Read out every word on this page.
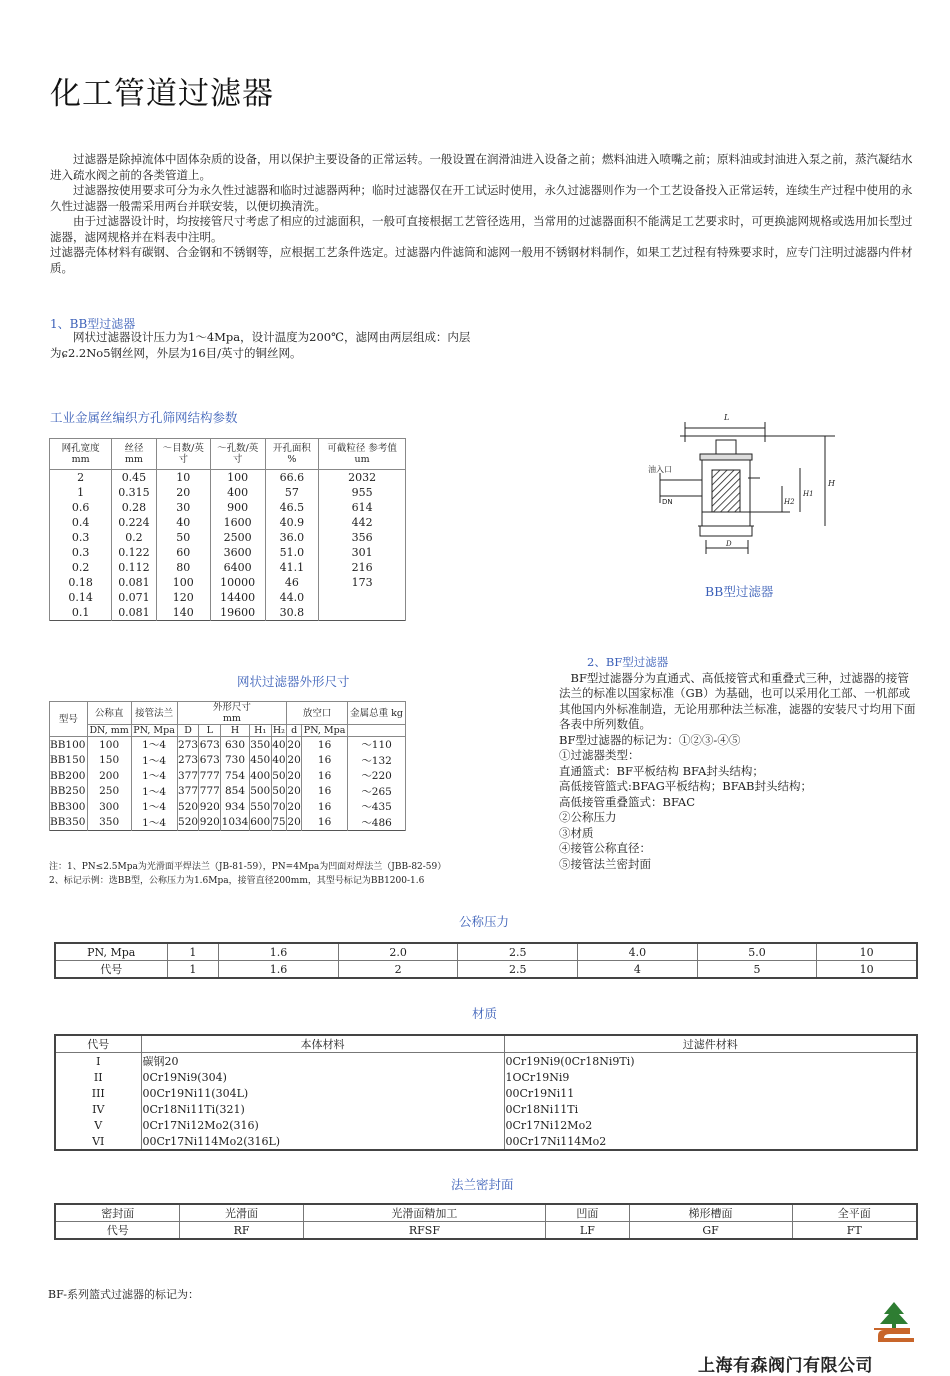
化工管道过滤器

　　过滤器是除掉流体中固体杂质的设备，用以保护主要设备的正常运转。一般设置在润滑油进入设备之前；燃料油进入喷嘴之前；原料油或封油进入泵之前，蒸汽凝结水进入疏水阀之前的各类管道上。

　　过滤器按使用要求可分为永久性过滤器和临时过滤器两种；临时过滤器仅在开工试运时使用，永久过滤器则作为一个工艺设备投入正常运转，连续生产过程中使用的永久性过滤器一般需采用两台并联安装，以便切换清洗。

　　由于过滤器设计时，均按接管尺寸考虑了相应的过滤面积，一般可直接根据工艺管径选用，当常用的过滤器面积不能满足工艺要求时，可更换滤网规格或选用加长型过滤器，滤网规格并在料表中注明。

过滤器壳体材料有碳钢、合金钢和不锈钢等，应根据工艺条件选定。过滤器内件滤筒和滤网一般用不锈钢材料制作，如果工艺过程有特殊要求时，应专门注明过滤器内件材质。

1、BB型过滤器

　　网状过滤器设计压力为1～4Mpa，设计温度为200℃，滤网由两层组成：内层

为ɕ2.2No5钢丝网，外层为16目/英寸的铜丝网。

工业金属丝编织方孔筛网结构参数
网孔宽度 mm	丝径 mm	～目数/英寸	～孔数/英寸	开孔面积 %	可截粒径 参考值um
2	0.45	10	100	66.6	2032
1	0.315	20	400	57	955
0.6	0.28	30	900	46.5	614
0.4	0.224	40	1600	40.9	442
0.3	0.2	50	2500	36.0	356
0.3	0.122	60	3600	51.0	301
0.2	0.112	80	6400	41.1	216
0.18	0.081	100	10000	46	173
0.14	0.071	120	14400	44.0	
0.1	0.081	140	19600	30.8	
油入口
DN
L
H
H1
H2
D
BB型过滤器
网状过滤器外形尺寸
型号	公称直	接管法兰	外形尺寸
mm					放空口		金属总重 kg
	DN, mm	PN, Mpa	D	L	H	H₁	H₂	d	PN, Mpa	
BB100	100	1～4	273	673	630	350	40	20	16	～110
BB150	150	1～4	273	673	730	450	40	20	16	～132
BB200	200	1～4	377	777	754	400	50	20	16	～220
BB250	250	1～4	377	777	854	500	50	20	16	～265
BB300	300	1～4	520	920	934	550	70	20	16	～435
BB350	350	1～4	520	920	1034	600	75	20	16	～486

注：1、PN≤2.5Mpa为光滑面平焊法兰（JB-81-59），PN=4Mpa为凹面对焊法兰（JBB-82-59）

2、标记示例：选BB型，公称压力为1.6Mpa，接管直径200mm，其型号标记为BB1200-1.6

2、BF型过滤器

　BF型过滤器分为直通式、高低接管式和重叠式三种，过滤器的接管法兰的标准以国家标准（GB）为基础，也可以采用化工部、一机部或其他国内外标准制造，无论用那种法兰标准，滤器的安装尺寸均用下面各表中所列数值。

BF型过滤器的标记为：①②③-④⑤

①过滤器类型：

直通篮式：BF平板结构 BFA封头结构；

高低接管篮式:BFAG平板结构；BFAB封头结构；

高低接管重叠篮式：BFAC

②公称压力

③材质

④接管公称直径：

⑤接管法兰密封面

公称压力
PN, Mpa	1	1.6	2.0	2.5	4.0	5.0	10
代号	1	1.6	2	2.5	4	5	10
材质
代号	本体材料	过滤件材料
I	碳钢20	0Cr19Ni9(0Cr18Ni9Ti)
II	0Cr19Ni9(304)	1OCr19Ni9
III	00Cr19Ni11(304L)	00Cr19Ni11
IV	0Cr18Ni11Ti(321)	0Cr18Ni11Ti
V	0Cr17Ni12Mo2(316)	0Cr17Ni12Mo2
VI	00Cr17Ni114Mo2(316L)	00Cr17Ni114Mo2
法兰密封面
密封面	光滑面	光滑面精加工	凹面	梯形槽面	全平面
代号	RF	RFSF	LF	GF	FT
BF-系列篮式过滤器的标记为：
上海有森阀门有限公司
